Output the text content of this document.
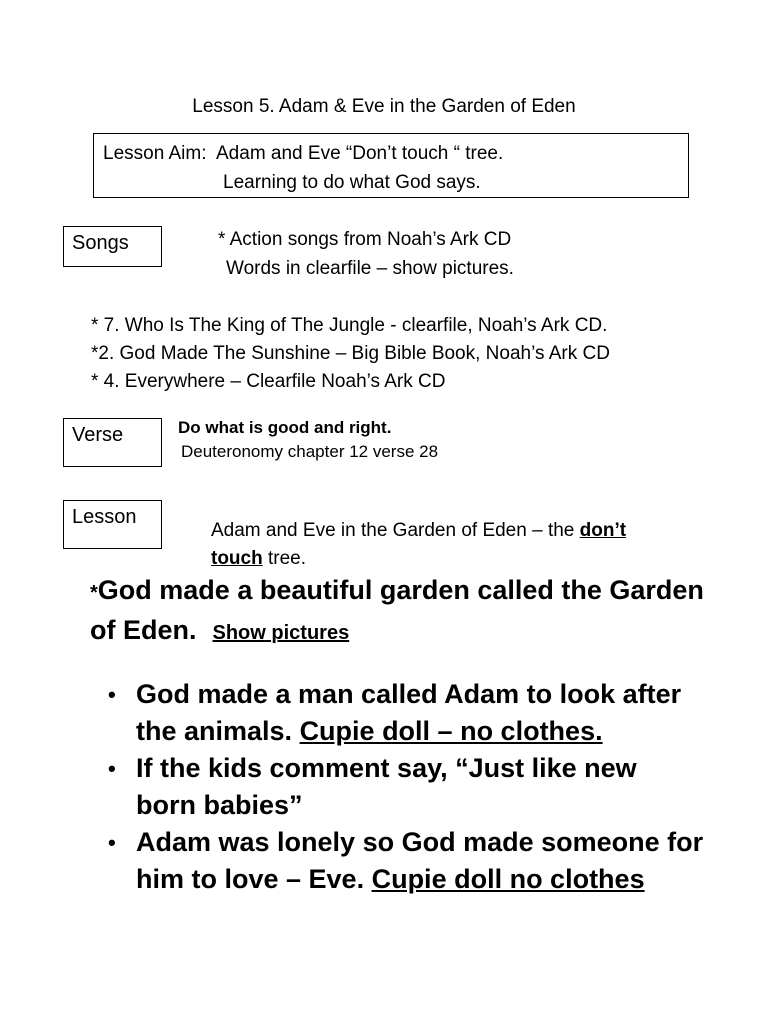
Lesson 5. Adam & Eve in the Garden of Eden
Lesson Aim:  Adam and Eve “Don’t touch “ tree.
Learning to do what God says.
Songs	* Action songs from Noah’s Ark CD
Words in clearfile – show pictures.
* 7. Who Is The King of The Jungle - clearfile, Noah’s Ark CD.
*2. God Made The Sunshine – Big Bible Book, Noah’s Ark CD
* 4. Everywhere – Clearfile Noah’s Ark CD
Verse	Do what is good and right.
Deuteronomy chapter 12 verse 28
Lesson
Adam and Eve in the Garden of Eden – the don’t touch tree.
*God made a beautiful garden called the Garden of Eden. Show pictures
• God made a man called Adam to look after the animals. Cupie doll – no clothes.
• If the kids comment say, “Just like new born babies”
• Adam was lonely so God made someone for him to love – Eve. Cupie doll no clothes
